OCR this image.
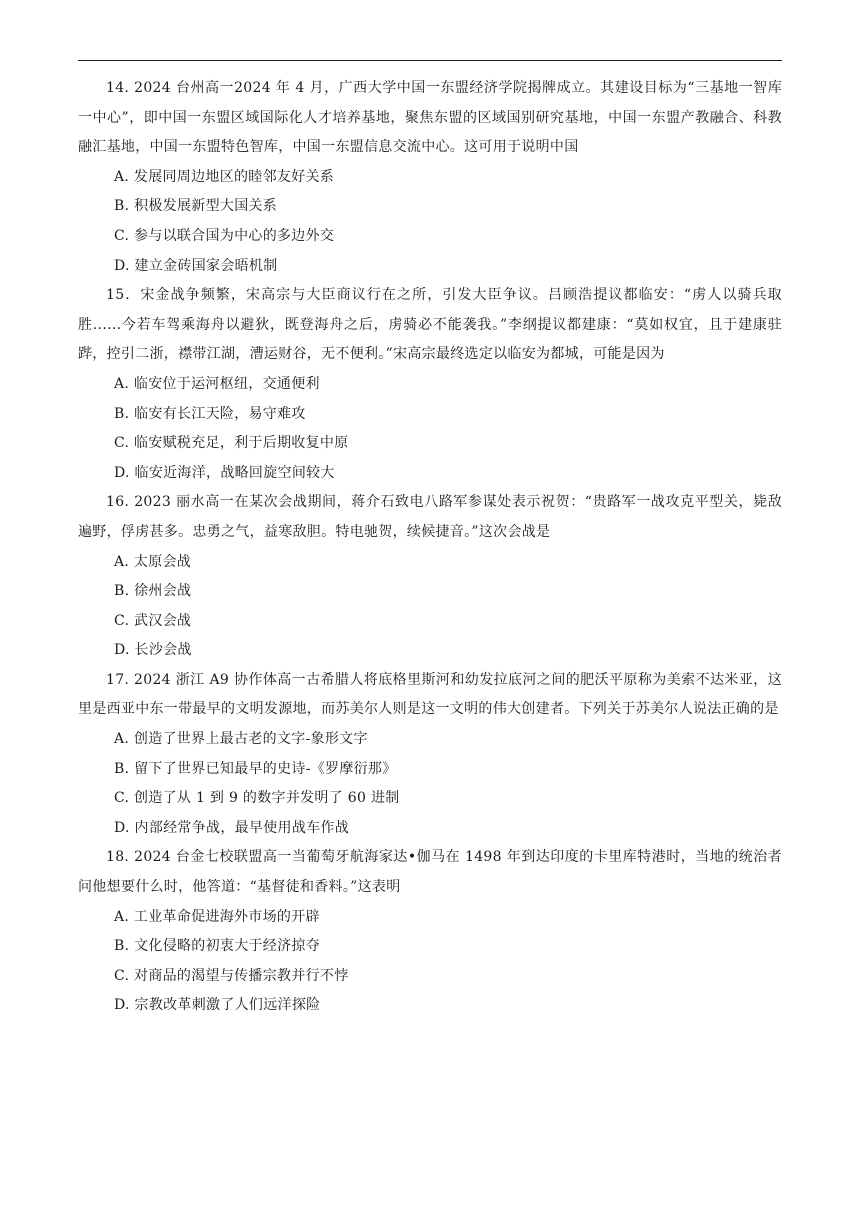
14. 2024 台州高一2024 年 4 月，广西大学中国一东盟经济学院揭牌成立。其建设目标为“三基地一智库一中心”，即中国一东盟区域国际化人才培养基地，聚焦东盟的区域国别研究基地，中国一东盟产教融合、科教融汇基地，中国一东盟特色智库，中国一东盟信息交流中心。这可用于说明中国

A. 发展同周边地区的睦邻友好关系

B. 积极发展新型大国关系

C. 参与以联合国为中心的多边外交

D. 建立金砖国家会晤机制

15．宋金战争频繁，宋高宗与大臣商议行在之所，引发大臣争议。吕顾浩提议都临安：“虏人以骑兵取胜......今若车驾乘海舟以避狄，既登海舟之后，虏骑必不能袭我。”李纲提议都建康：“莫如权宜，且于建康驻跸，控引二浙，襟带江湖，漕运财谷，无不便利。”宋高宗最终选定以临安为都城，可能是因为

A. 临安位于运河枢纽，交通便利

B. 临安有长江天险，易守难攻

C. 临安赋税充足，利于后期收复中原

D. 临安近海洋，战略回旋空间较大

16. 2023 丽水高一在某次会战期间，蒋介石致电八路军参谋处表示祝贺：“贵路军一战攻克平型关，毙敌遍野，俘虏甚多。忠勇之气，益寒敌胆。特电驰贺，续候捷音。”这次会战是

A. 太原会战

B. 徐州会战

C. 武汉会战

D. 长沙会战

17. 2024 浙江 A9 协作体高一古希腊人将底格里斯河和幼发拉底河之间的肥沃平原称为美索不达米亚，这里是西亚中东一带最早的文明发源地，而苏美尔人则是这一文明的伟大创建者。下列关于苏美尔人说法正确的是

A. 创造了世界上最古老的文字-象形文字

B. 留下了世界已知最早的史诗-《罗摩衍那》

C. 创造了从 1 到 9 的数字并发明了 60 进制

D. 内部经常争战，最早使用战车作战

18. 2024 台金七校联盟高一当葡萄牙航海家达•伽马在 1498 年到达印度的卡里库特港时，当地的统治者问他想要什么时，他答道：“基督徒和香料。”这表明

A. 工业革命促进海外市场的开辟

B. 文化侵略的初衷大于经济掠夺

C. 对商品的渴望与传播宗教并行不悖

D. 宗教改革刺激了人们远洋探险
